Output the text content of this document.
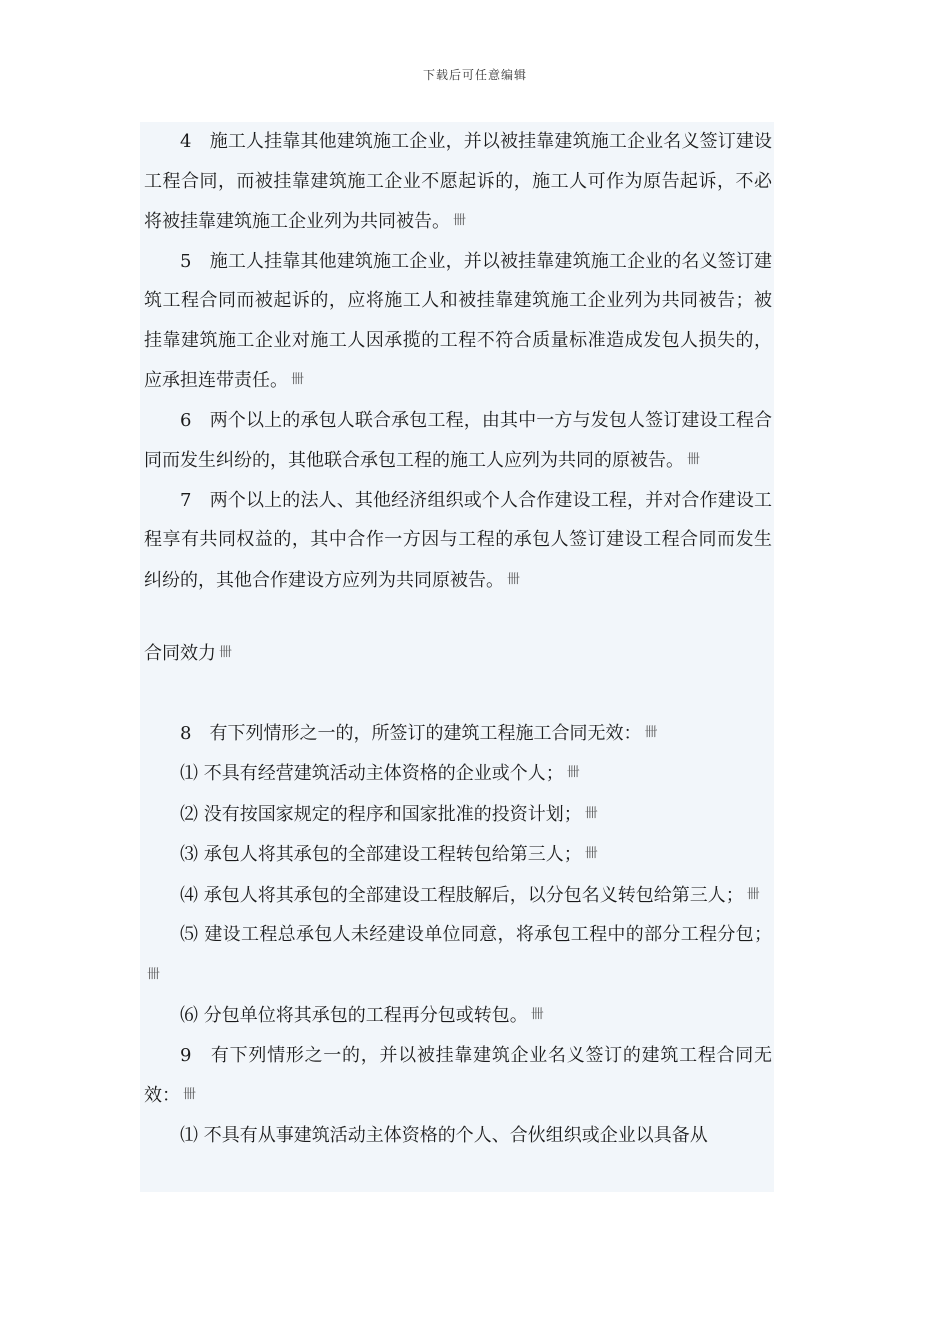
下载后可任意编辑

4　施工人挂靠其他建筑施工企业，并以被挂靠建筑施工企业名义签订建设工程合同，而被挂靠建筑施工企业不愿起诉的，施工人可作为原告起诉，不必将被挂靠建筑施工企业列为共同被告。 卌

5　施工人挂靠其他建筑施工企业，并以被挂靠建筑施工企业的名义签订建筑工程合同而被起诉的，应将施工人和被挂靠建筑施工企业列为共同被告；被挂靠建筑施工企业对施工人因承揽的工程不符合质量标准造成发包人损失的，应承担连带责任。 卌

6　两个以上的承包人联合承包工程，由其中一方与发包人签订建设工程合同而发生纠纷的，其他联合承包工程的施工人应列为共同的原被告。 卌

7　两个以上的法人、其他经济组织或个人合作建设工程，并对合作建设工程享有共同权益的，其中合作一方因与工程的承包人签订建设工程合同而发生纠纷的，其他合作建设方应列为共同原被告。 卌

合同效力 卌

8　有下列情形之一的，所签订的建筑工程施工合同无效： 卌

⑴ 不具有经营建筑活动主体资格的企业或个人； 卌

⑵ 没有按国家规定的程序和国家批准的投资计划； 卌

⑶ 承包人将其承包的全部建设工程转包给第三人； 卌

⑷ 承包人将其承包的全部建设工程肢解后，以分包名义转包给第三人； 卌

⑸ 建设工程总承包人未经建设单位同意，将承包工程中的部分工程分包；卌

⑹ 分包单位将其承包的工程再分包或转包。 卌

9　有下列情形之一的，并以被挂靠建筑企业名义签订的建筑工程合同无效： 卌

⑴ 不具有从事建筑活动主体资格的个人、合伙组织或企业以具备从
